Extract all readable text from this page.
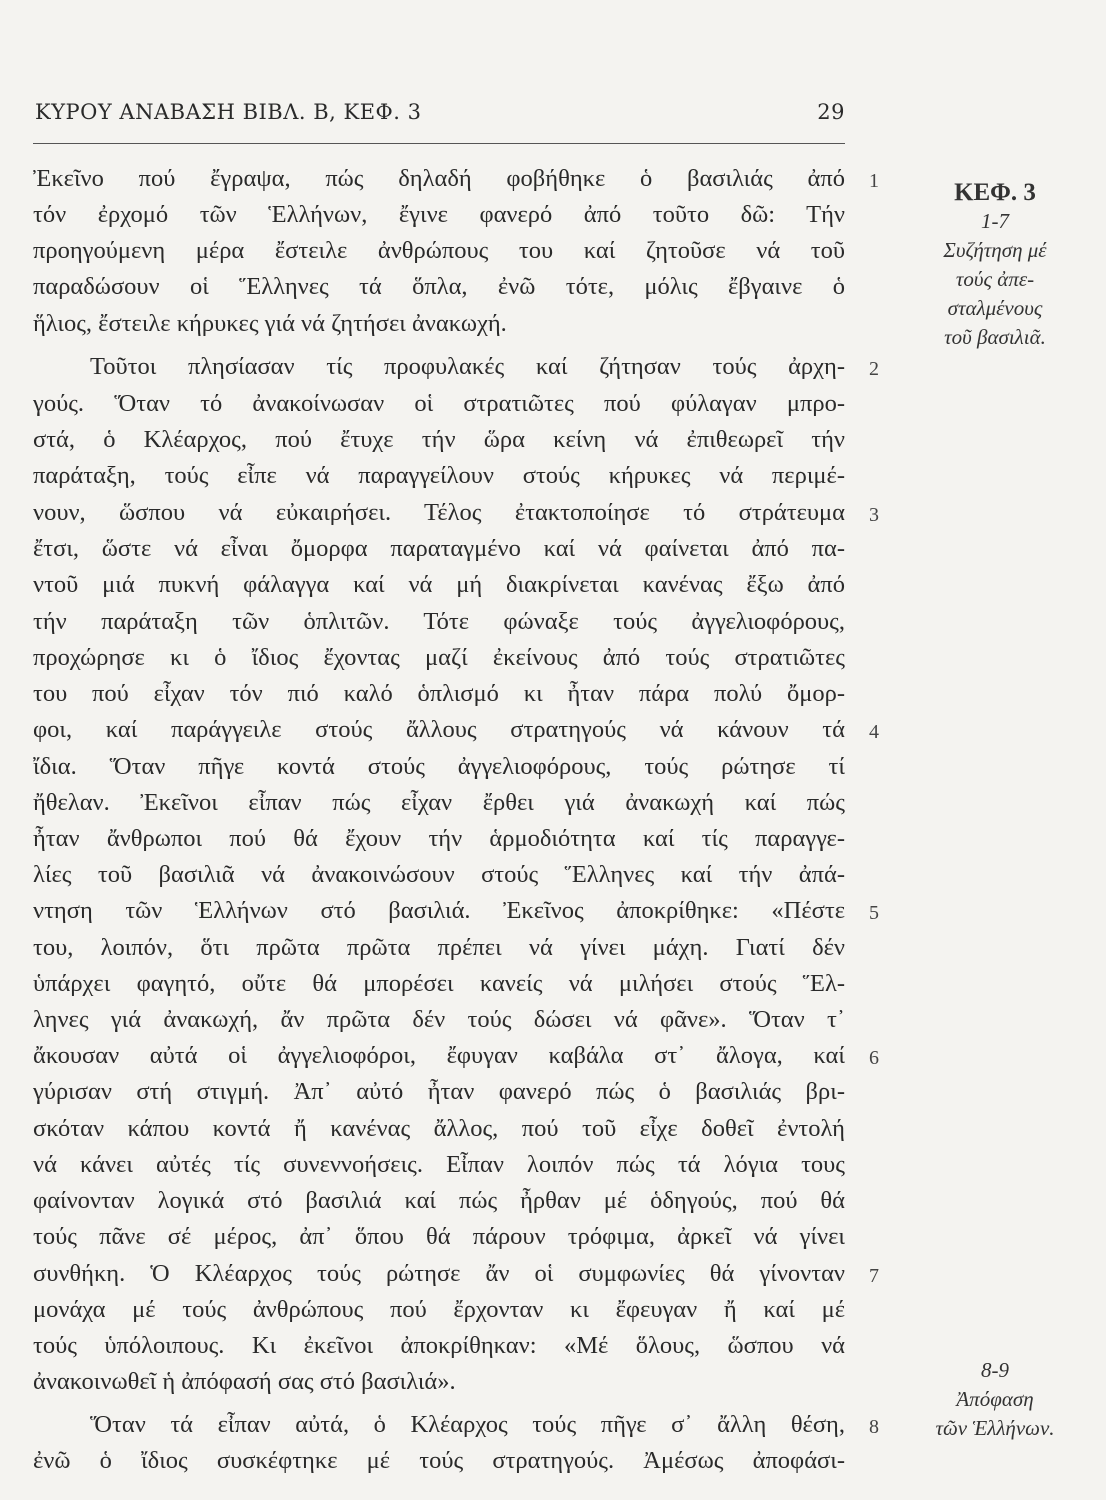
ΚΥΡΟΥ ΑΝΑΒΑΣΗ ΒΙΒΛ. Β, ΚΕΦ. 3	29
Ἐκεῖνο πού ἔγραψα, πώς δηλαδή φοβήθηκε ὁ βασιλιάς ἀπό
τόν ἐρχομό τῶν Ἑλλήνων, ἔγινε φανερό ἀπό τοῦτο δῶ: Τήν
προηγούμενη μέρα ἔστειλε ἀνθρώπους του καί ζητοῦσε νά τοῦ
παραδώσουν οἱ Ἕλληνες τά ὅπλα, ἐνῶ τότε, μόλις ἔβγαινε ὁ
ἥλιος, ἔστειλε κήρυκες γιά νά ζητήσει ἀνακωχή.
Τοῦτοι πλησίασαν τίς προφυλακές καί ζήτησαν τούς ἀρχη-
γούς. Ὅταν τό ἀνακοίνωσαν οἱ στρατιῶτες πού φύλαγαν μπρο-
στά, ὁ Κλέαρχος, πού ἔτυχε τήν ὥρα κείνη νά ἐπιθεωρεῖ τήν
παράταξη, τούς εἶπε νά παραγγείλουν στούς κήρυκες νά περιμέ-
νουν, ὥσπου νά εὐκαιρήσει. Τέλος ἐτακτοποίησε τό στράτευμα
ἔτσι, ὥστε νά εἶναι ὄμορφα παραταγμένο καί νά φαίνεται ἀπό πα-
ντοῦ μιά πυκνή φάλαγγα καί νά μή διακρίνεται κανένας ἔξω ἀπό
τήν παράταξη τῶν ὁπλιτῶν. Τότε φώναξε τούς ἀγγελιοφόρους,
προχώρησε κι ὁ ἴδιος ἔχοντας μαζί ἐκείνους ἀπό τούς στρατιῶτες
του πού εἶχαν τόν πιό καλό ὁπλισμό κι ἦταν πάρα πολύ ὄμορ-
φοι, καί παράγγειλε στούς ἄλλους στρατηγούς νά κάνουν τά
ἴδια. Ὅταν πῆγε κοντά στούς ἀγγελιοφόρους, τούς ρώτησε τί
ἤθελαν. Ἐκεῖνοι εἶπαν πώς εἶχαν ἔρθει γιά ἀνακωχή καί πώς
ἦταν ἄνθρωποι πού θά ἔχουν τήν ἁρμοδιότητα καί τίς παραγγε-
λίες τοῦ βασιλιᾶ νά ἀνακοινώσουν στούς Ἕλληνες καί τήν ἀπά-
ντηση τῶν Ἑλλήνων στό βασιλιά. Ἐκεῖνος ἀποκρίθηκε: «Πέστε
του, λοιπόν, ὅτι πρῶτα πρῶτα πρέπει νά γίνει μάχη. Γιατί δέν
ὑπάρχει φαγητό, οὔτε θά μπορέσει κανείς νά μιλήσει στούς Ἕλ-
ληνες γιά ἀνακωχή, ἄν πρῶτα δέν τούς δώσει νά φᾶνε». Ὅταν τ᾿
ἄκουσαν αὐτά οἱ ἀγγελιοφόροι, ἔφυγαν καβάλα στ᾿ ἄλογα, καί
γύρισαν στή στιγμή. Ἀπ᾿ αὐτό ἦταν φανερό πώς ὁ βασιλιάς βρι-
σκόταν κάπου κοντά ἤ κανένας ἄλλος, πού τοῦ εἶχε δοθεῖ ἐντολή
νά κάνει αὐτές τίς συνεννοήσεις. Εἶπαν λοιπόν πώς τά λόγια τους
φαίνονταν λογικά στό βασιλιά καί πώς ἦρθαν μέ ὁδηγούς, πού θά
τούς πᾶνε σέ μέρος, ἀπ᾿ ὅπου θά πάρουν τρόφιμα, ἀρκεῖ νά γίνει
συνθήκη. Ὁ Κλέαρχος τούς ρώτησε ἄν οἱ συμφωνίες θά γίνονταν
μονάχα μέ τούς ἀνθρώπους πού ἔρχονταν κι ἔφευγαν ἤ καί μέ
τούς ὑπόλοιπους. Κι ἐκεῖνοι ἀποκρίθηκαν: «Μέ ὅλους, ὥσπου νά
ἀνακοινωθεῖ ἡ ἀπόφασή σας στό βασιλιά».
Ὅταν τά εἶπαν αὐτά, ὁ Κλέαρχος τούς πῆγε σ᾿ ἄλλη θέση,
ἐνῶ ὁ ἴδιος συσκέφτηκε μέ τούς στρατηγούς. Ἀμέσως ἀποφάσι-
1
2
3
4
5
6
7
8
ΚΕΦ. 3
1-7
Συζήτηση μέ
τούς ἀπε-
σταλμένους
τοῦ βασιλιᾶ.
8-9
Ἀπόφαση
τῶν Ἑλλήνων.
